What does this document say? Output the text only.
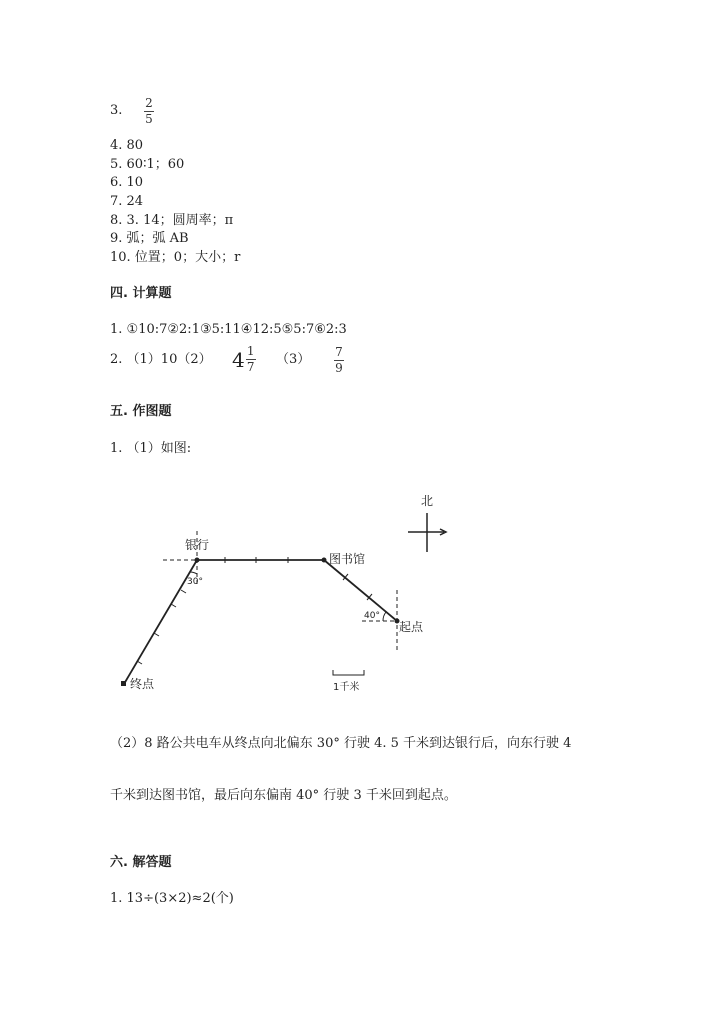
3. 2
5
4. 80
5. 60∶1；60
6. 10
7. 24
8. 3. 14；圆周率；π
9. 弧；弧 AB
10. 位置；0；大小；r
四. 计算题
1. ①10:7②2:1③5:11④12:5⑤5:7⑥2:3
2. （1）10（2） $4 \frac{1}{7} (3)$ 7
9
五. 作图题
1. （1）如图:
北
银行
图书馆
起点
终点
30°
40°
1千米
（2）8 路公共电车从终点向北偏东 30° 行驶 4. 5 千米到达银行后，向东行驶 4
千米到达图书馆，最后向东偏南 40° 行驶 3 千米回到起点。
六. 解答题
1. 13÷(3×2)≈2(个)
